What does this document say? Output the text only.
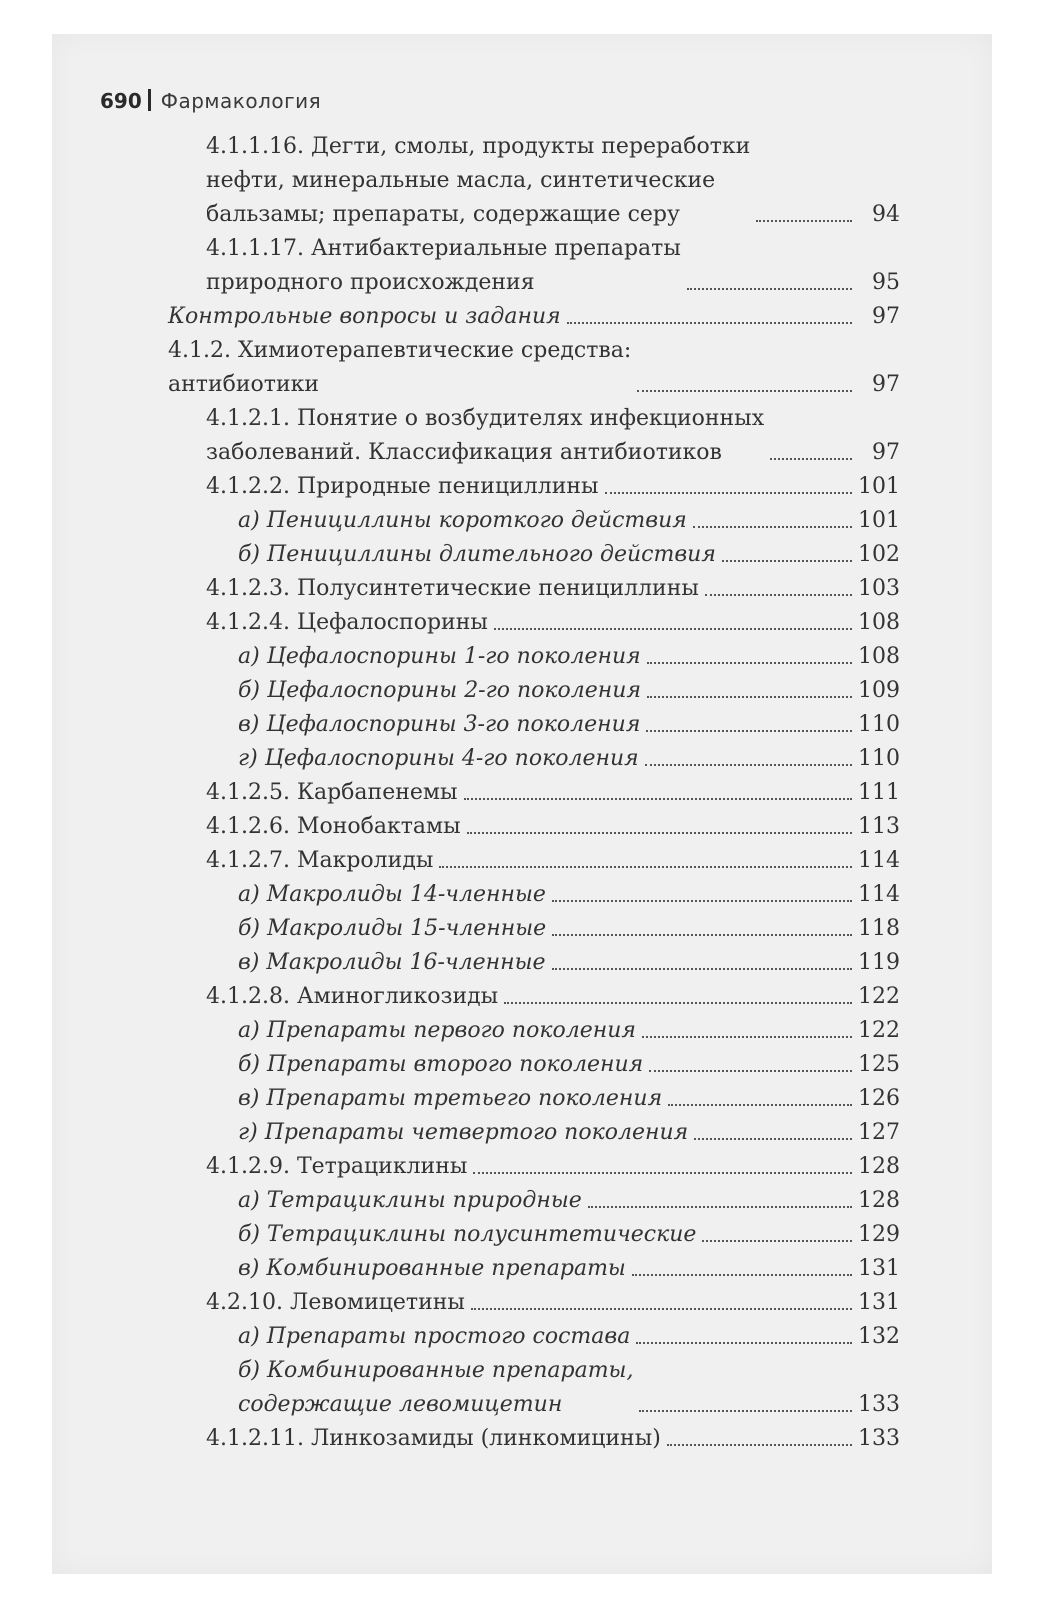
690 Фармакология
4.1.1.16. Дегти, смолы, продукты переработки
нефти, минеральные масла, синтетические
бальзамы; препараты, содержащие серу	94
4.1.1.17. Антибактериальные препараты
природного происхождения	95
Контрольные вопросы и задания	97
4.1.2. Химиотерапевтические средства:
антибиотики	97
4.1.2.1. Понятие о возбудителях инфекционных
заболеваний. Классификация антибиотиков	97
4.1.2.2. Природные пенициллины	101
а) Пенициллины короткого действия	101
б) Пенициллины длительного действия	102
4.1.2.3. Полусинтетические пенициллины	103
4.1.2.4. Цефалоспорины	108
а) Цефалоспорины 1-го поколения	108
б) Цефалоспорины 2-го поколения	109
в) Цефалоспорины 3-го поколения	110
г) Цефалоспорины 4-го поколения	110
4.1.2.5. Карбапенемы	111
4.1.2.6. Монобактамы	113
4.1.2.7. Макролиды	114
а) Макролиды 14-членные	114
б) Макролиды 15-членные	118
в) Макролиды 16-членные	119
4.1.2.8. Аминогликозиды	122
а) Препараты первого поколения	122
б) Препараты второго поколения	125
в) Препараты третьего поколения	126
г) Препараты четвертого поколения	127
4.1.2.9. Тетрациклины	128
а) Тетрациклины природные	128
б) Тетрациклины полусинтетические	129
в) Комбинированные препараты	131
4.2.10. Левомицетины	131
а) Препараты простого состава	132
б) Комбинированные препараты,
содержащие левомицетин	133
4.1.2.11. Линкозамиды (линкомицины)	133
